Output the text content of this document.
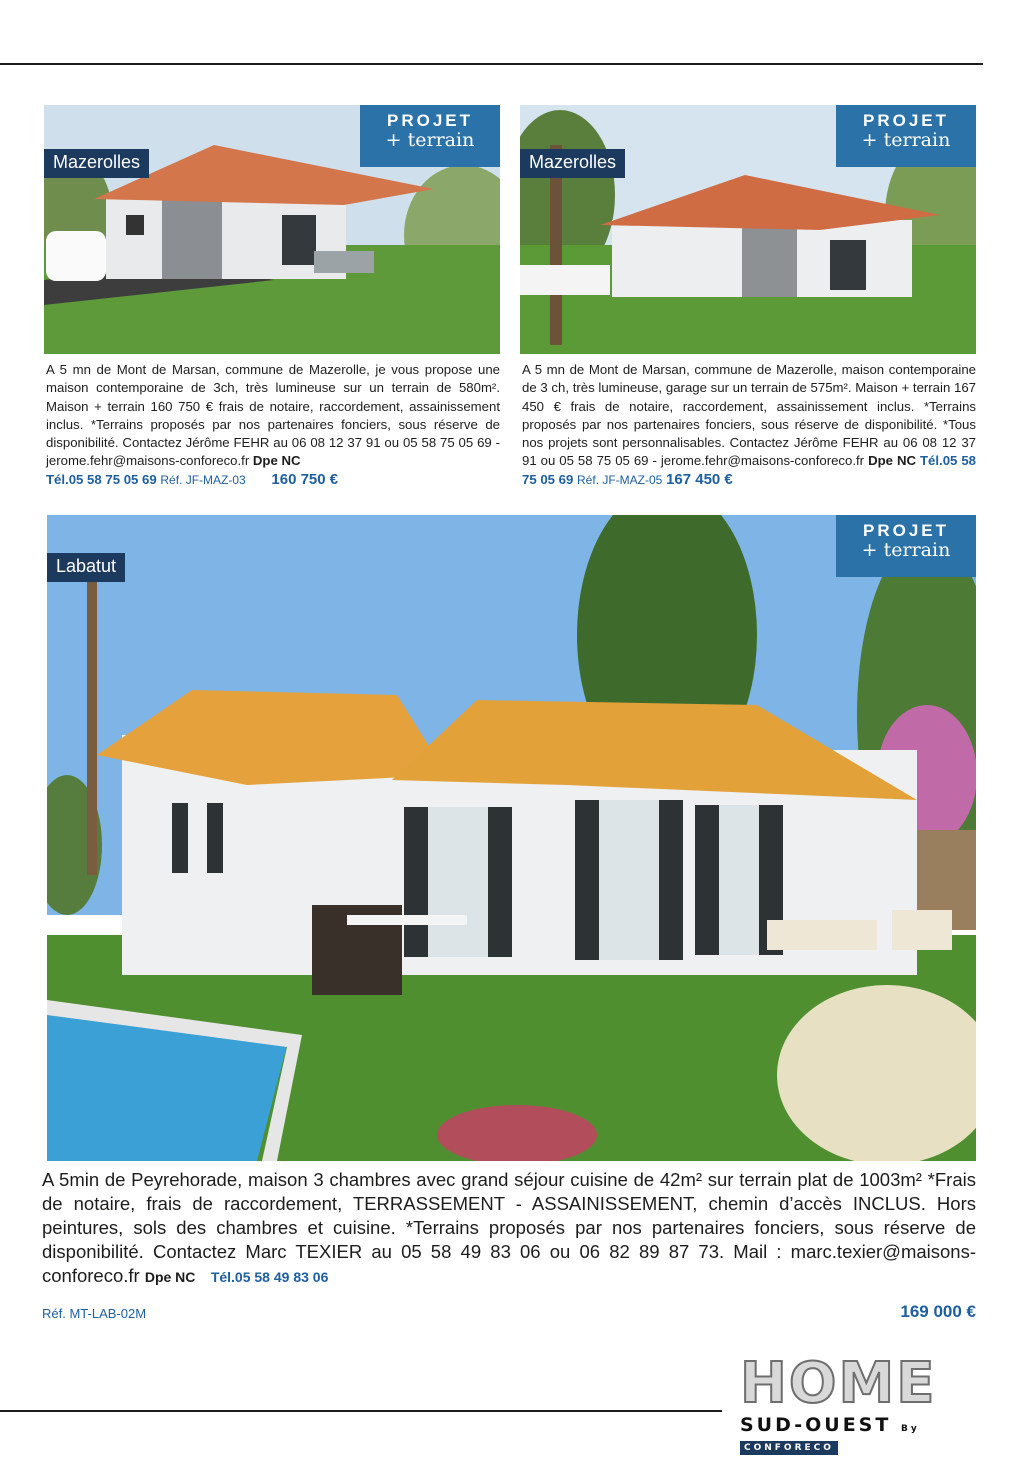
Mazerolles
PROJET
+ terrain
Mazerolles
PROJET
+ terrain
A 5 mn de Mont de Marsan, commune de Mazerolle, je vous propose une maison contemporaine de 3ch, très lumineuse sur un terrain de 580m². Maison + terrain 160 750 € frais de notaire, raccordement, assainissement inclus. *Terrains proposés par nos partenaires fonciers, sous réserve de disponibilité. Contactez Jérôme FEHR au 06 08 12 37 91 ou 05 58 75 05 69 - jerome.fehr@maisons-conforeco.fr Dpe NC
Tél.05 58 75 05 69 Réf. JF-MAZ-03 160 750 €
A 5 mn de Mont de Marsan, commune de Mazerolle, maison contemporaine de 3 ch, très lumineuse, garage sur un terrain de 575m². Maison + terrain 167 450 € frais de notaire, raccordement, assainissement inclus. *Terrains proposés par nos partenaires fonciers, sous réserve de disponibilité. *Tous nos projets sont personnalisables. Contactez Jérôme FEHR au 06 08 12 37 91 ou 05 58 75 05 69 - jerome.fehr@maisons-conforeco.fr Dpe NC Tél.05 58 75 05 69 Réf. JF-MAZ-05 167 450 €
Labatut
PROJET
+ terrain
A 5min de Peyrehorade, maison 3 chambres avec grand séjour cuisine de 42m² sur terrain plat de 1003m² *Frais de notaire, frais de raccordement, TERRASSEMENT - ASSAINISSEMENT, chemin d’accès INCLUS. Hors peintures, sols des chambres et cuisine. *Terrains proposés par nos partenaires fonciers, sous réserve de disponibilité. Contactez Marc TEXIER au 05 58 49 83 06 ou 06 82 89 87 73. Mail : marc.texier@maisons-conforeco.fr Dpe NC Tél.05 58 49 83 06
Réf. MT-LAB-02M	169 000 €
HOME
SUD-OUEST By CONFORECO
